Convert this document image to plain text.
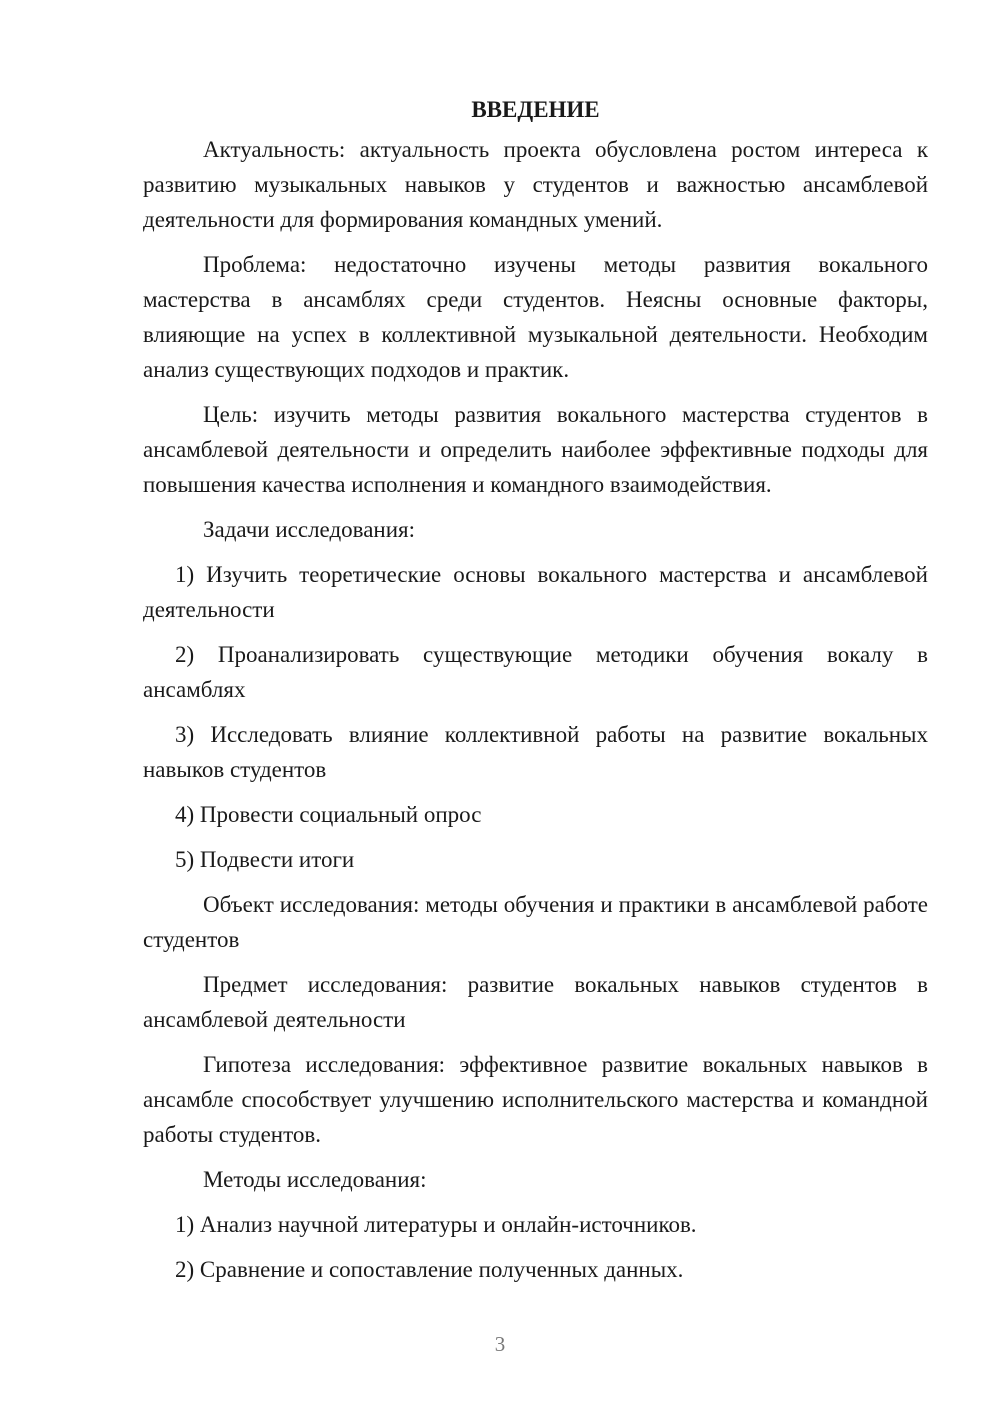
ВВЕДЕНИЕ

Актуальность: актуальность проекта обусловлена ростом интереса к развитию музыкальных навыков у студентов и важностью ансамблевой деятельности для формирования командных умений.

Проблема: недостаточно изучены методы развития вокального мастерства в ансамблях среди студентов. Неясны основные факторы, влияющие на успех в коллективной музыкальной деятельности. Необходим анализ существующих подходов и практик.

Цель: изучить методы развития вокального мастерства студентов в ансамблевой деятельности и определить наиболее эффективные подходы для повышения качества исполнения и командного взаимодействия.

Задачи исследования:

1) Изучить теоретические основы вокального мастерства и ансамблевой деятельности

2) Проанализировать существующие методики обучения вокалу в ансамблях

3) Исследовать влияние коллективной работы на развитие вокальных навыков студентов

4) Провести социальный опрос

5) Подвести итоги

Объект исследования: методы обучения и практики в ансамблевой работе студентов

Предмет исследования: развитие вокальных навыков студентов в ансамблевой деятельности

Гипотеза исследования: эффективное развитие вокальных навыков в ансамбле способствует улучшению исполнительского мастерства и командной работы студентов.

Методы исследования:

1) Анализ научной литературы и онлайн-источников.

2) Сравнение и сопоставление полученных данных.

3
